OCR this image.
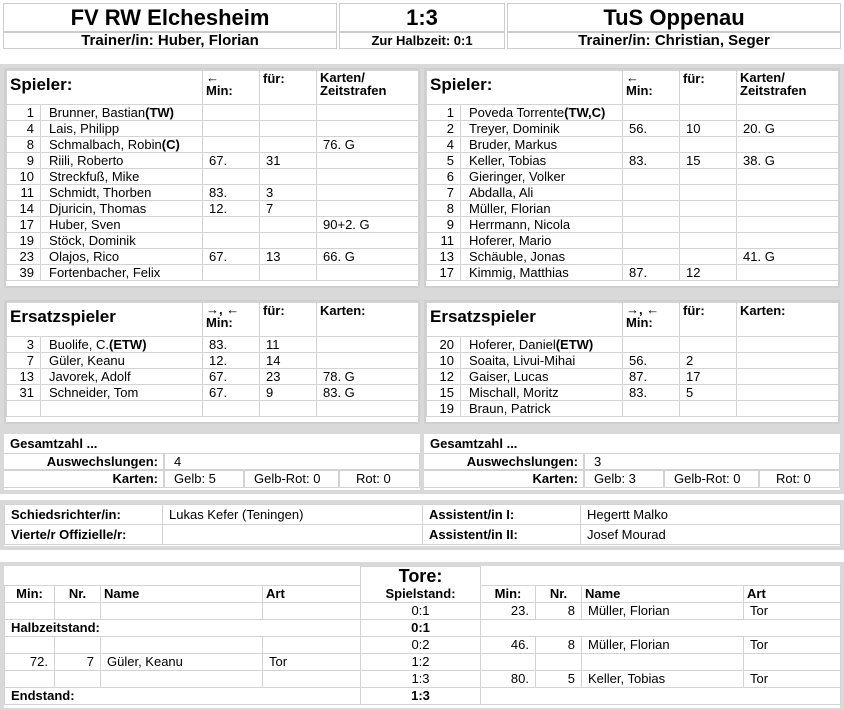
FV RW Elchesheim	1:3	TuS Oppenau
Trainer/in: Huber, Florian	Zur Halbzeit: 0:1	Trainer/in: Christian, Seger
Spieler:		←
Min:	für:	Karten/
Zeitstrafen
1	Brunner, Bastian(TW)			
4	Lais, Philipp			
8	Schmalbach, Robin(C)			76. G
9	Riili, Roberto	67.	31	
10	Streckfuß, Mike			
11	Schmidt, Thorben	83.	3	
14	Djuricin, Thomas	12.	7	
17	Huber, Sven			90+2. G
19	Stöck, Dominik			
23	Olajos, Rico	67.	13	66. G
39	Fortenbacher, Felix			
Spieler:		←
Min:	für:	Karten/
Zeitstrafen
1	Poveda Torrente(TW,C)			
2	Treyer, Dominik	56.	10	20. G
4	Bruder, Markus			
5	Keller, Tobias	83.	15	38. G
6	Gieringer, Volker			
7	Abdalla, Ali			
8	Müller, Florian			
9	Herrmann, Nicola			
11	Hoferer, Mario			
13	Schäuble, Jonas			41. G
17	Kimmig, Matthias	87.	12	
Ersatzspieler		→, ←
Min:	für:	Karten:
3	Buolife, C.(ETW)	83.	11	
7	Güler, Keanu	12.	14	
13	Javorek, Adolf	67.	23	78. G
31	Schneider, Tom	67.	9	83. G

Ersatzspieler		→, ←
Min:	für:	Karten:
20	Hoferer, Daniel(ETW)			
10	Soaita, Livui-Mihai	56.	2	
12	Gaiser, Lucas	87.	17	
15	Mischall, Moritz	83.	5	
19	Braun, Patrick			
Gesamtzahl ...
Auswechslungen: 4
Karten: Gelb: 5	Gelb-Rot: 0	Rot: 0
Gesamtzahl ...
Auswechslungen: 3
Karten: Gelb: 3	Gelb-Rot: 0	Rot: 0
Schiedsrichter/in:	Lukas Kefer (Teningen)	Assistent/in I:	Hegertt Malko
Vierte/r Offizielle/r:		Assistent/in II:	Josef Mourad
				Tore:				
Min:	Nr.	Name	Art	Spielstand:	Min:	Nr.	Name	Art
				0:1	23.	8	Müller, Florian	Tor
Halbzeitstand:				0:1				
				0:2	46.	8	Müller, Florian	Tor
72.	7	Güler, Keanu	Tor	1:2				
				1:3	80.	5	Keller, Tobias	Tor
Endstand:				1:3				
